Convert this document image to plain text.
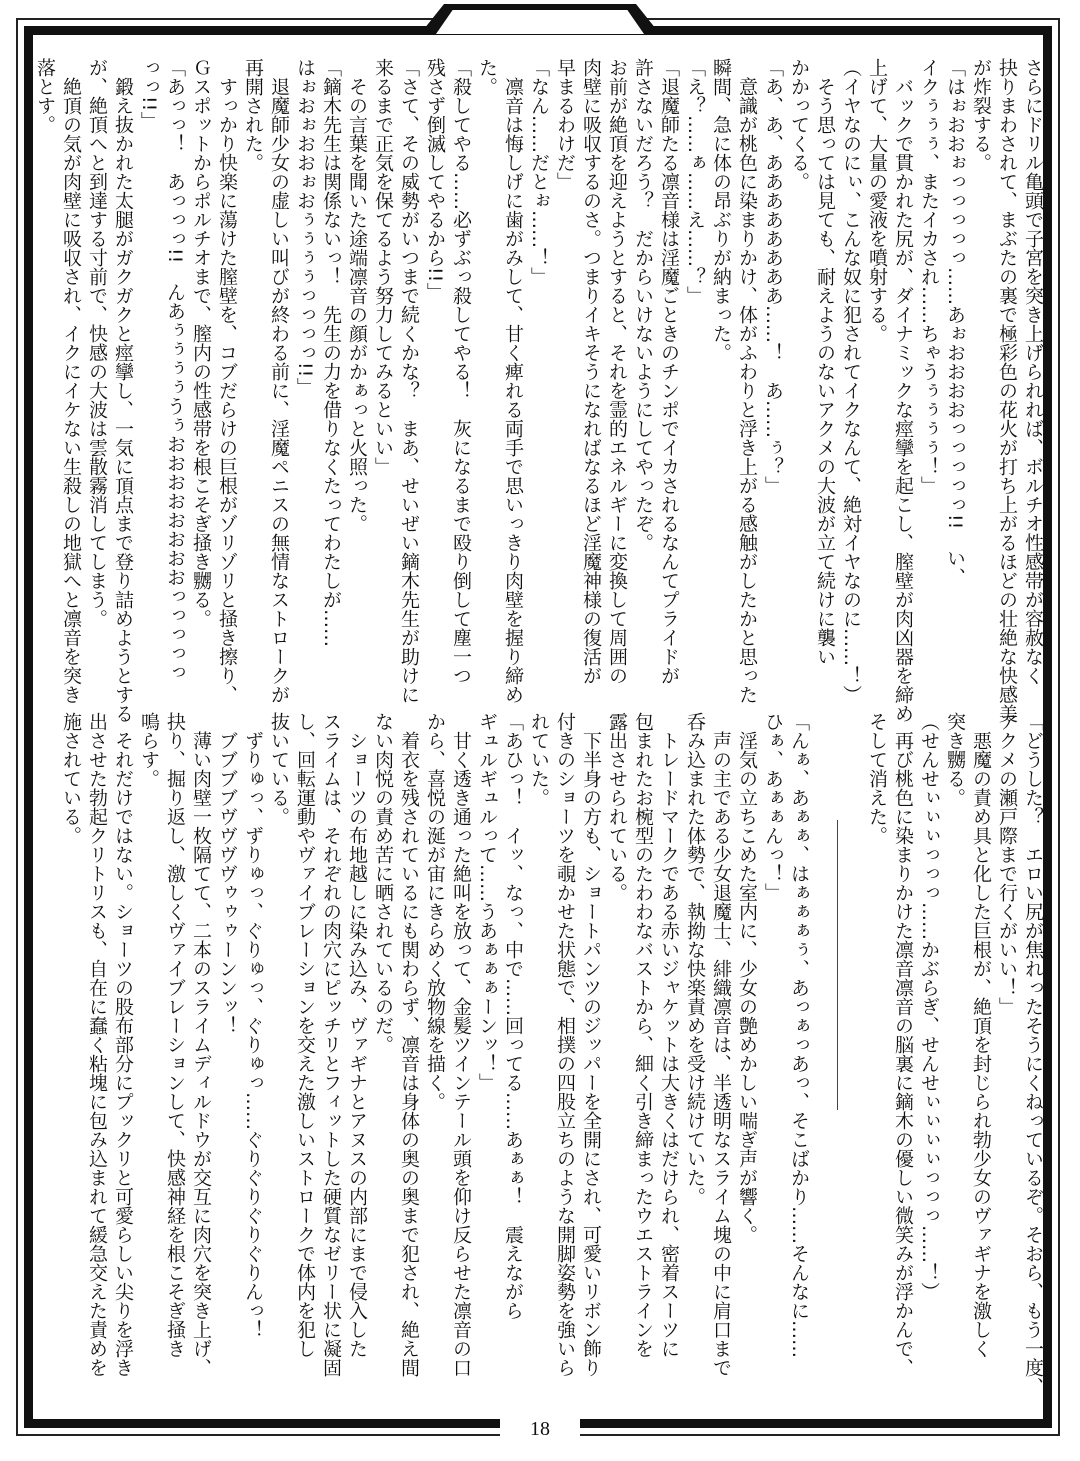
さらにドリル亀頭で子宮を突き上げられれば、ボルチオ性感帯が容赦なく
抉りまわされて、まぶたの裏で極彩色の花火が打ち上がるほどの壮絶な快感美
が炸裂する。
「はぉおおぉっっっっっ……あぉおおおおっっっっっ!!　い、
イクぅぅぅ、またイカされ……ちゃうぅぅぅぅ！」
　バックで貫かれた尻が、ダイナミックな痙攣を起こし、膣壁が肉凶器を締め
上げて、大量の愛液を噴射する。
（イヤなのにぃ、こんな奴に犯されてイクなんて、絶対イヤなのに……！）
　そう思っては見ても、耐えようのないアクメの大波が立て続けに襲い
かかってくる。
「あ、あ、ああああああああ……！　あ……ぅ？」
　意識が桃色に染まりかけ、体がふわりと浮き上がる感触がしたかと思った
瞬間、急に体の昂ぶりが納まった。
「え？……ぁ……え……？」
「退魔師たる凛音様は淫魔ごときのチンポでイカされるなんてプライドが
許さないだろう？　だからいけないようにしてやったぞ。
お前が絶頂を迎えようとすると、それを霊的エネルギーに変換して周囲の
肉壁に吸収するのさ。つまりイキそうになればなるほど淫魔神様の復活が
早まるわけだ」
「なん……だとぉ……！」
　凛音は悔しげに歯がみして、甘く痺れる両手で思いっきり肉壁を握り締め
た。
「殺してやる……必ずぶっ殺してやる！　灰になるまで殴り倒して塵一つ
残さず倒滅してやるから!!」
「さて、その威勢がいつまで続くかな？　まあ、せいぜい鏑木先生が助けに
来るまで正気を保てるよう努力してみるといい」
　その言葉を聞いた途端凛音の顔がかぁっと火照った。
「鏑木先生は関係ないっ！　先生の力を借りなくたってわたしが……
はぉおぉおおぉおぅぅぅぅっっっっ!!」
　退魔師少女の虚しい叫びが終わる前に、淫魔ペニスの無情なストロークが
再開された。
　すっかり快楽に蕩けた膣壁を、コブだらけの巨根がゾリゾリと掻き擦り、
Ｇスポットからポルチオまで、膣内の性感帯を根こそぎ掻き嬲る。
「あっっ！　あっっっ!!　んあぅぅぅぅうぅおおおおおおおおっっっっっ
っっ!!」
　鍛え抜かれた太腿がガクガクと痙攣し、一気に頂点まで登り詰めようとする
が、絶頂へと到達する寸前で、快感の大波は雲散霧消してしまう。
　絶頂の気が肉壁に吸収され、イクにイケない生殺しの地獄へと凛音を突き
落とす。
「どうした？　エロい尻が焦れったそうにくねっているぞ。そおら、もう一度、
アクメの瀬戸際まで行くがいい！」
　悪魔の責め具と化した巨根が、絶頂を封じられ勃少女のヴァギナを激しく
突き嬲る。
（せんせぃぃぃっっっ……かぶらぎ、せんせぃぃぃぃっっっ……！）
　再び桃色に染まりかけた凛音凛音の脳裏に鏑木の優しい微笑みが浮かんで、
そして消えた。
「んぁ、あぁぁ、はぁぁぁぅ、あっぁっあっ、そこばかり……そんなに……
ひぁ、あぁぁんっ！」
　淫気の立ちこめた室内に、少女の艶めかしい喘ぎ声が響く。
　声の主である少女退魔士、緋織凛音は、半透明なスライム塊の中に肩口まで
呑み込まれた体勢で、執拗な快楽責めを受け続けていた。
　トレードマークである赤いジャケットは大きくはだけられ、密着スーツに
包まれたお椀型のたわわなバストから、細く引き締まったウエストラインを
露出させられている。
　下半身の方も、ショートパンツのジッパーを全開にされ、可愛いリボン飾り
付きのショーツを覗かせた状態で、相撲の四股立ちのような開脚姿勢を強いら
れていた。
「あひっ！　イッ、なっ、中で……回ってる……あぁぁ！　震えながら
ギュルギュルって……うあぁぁぁーンッ！」
　甘く透き通った絶叫を放って、金髪ツインテール頭を仰け反らせた凛音の口
から、喜悦の涎が宙にきらめく放物線を描く。
　着衣を残されているにも関わらず、凛音は身体の奥の奥まで犯され、絶え間
ない肉悦の責め苦に晒されているのだ。
　ショーツの布地越しに染み込み、ヴァギナとアヌスの内部にまで侵入した
スライムは、それぞれの肉穴にピッチリとフィットした硬質なゼリー状に凝固
し、回転運動やヴァイブレーションを交えた激しいストロークで体内を犯し
抜いている。
　ずりゅっ、ずりゅっ、ぐりゅっ、ぐりゅっ……ぐりぐりぐりぐりんっ！
　ブブブブヴヴヴヴゥゥゥーンンッ！
　薄い肉壁一枚隔てて、二本のスライムディルドウが交互に肉穴を突き上げ、
抉り、掘り返し、激しくヴァイブレーションして、快感神経を根こそぎ掻き
鳴らす。
　それだけではない。ショーツの股布部分にプックリと可愛らしい尖りを浮き
出させた勃起クリトリスも、自在に蠢く粘塊に包み込まれて緩急交えた責めを
施されている。
18
